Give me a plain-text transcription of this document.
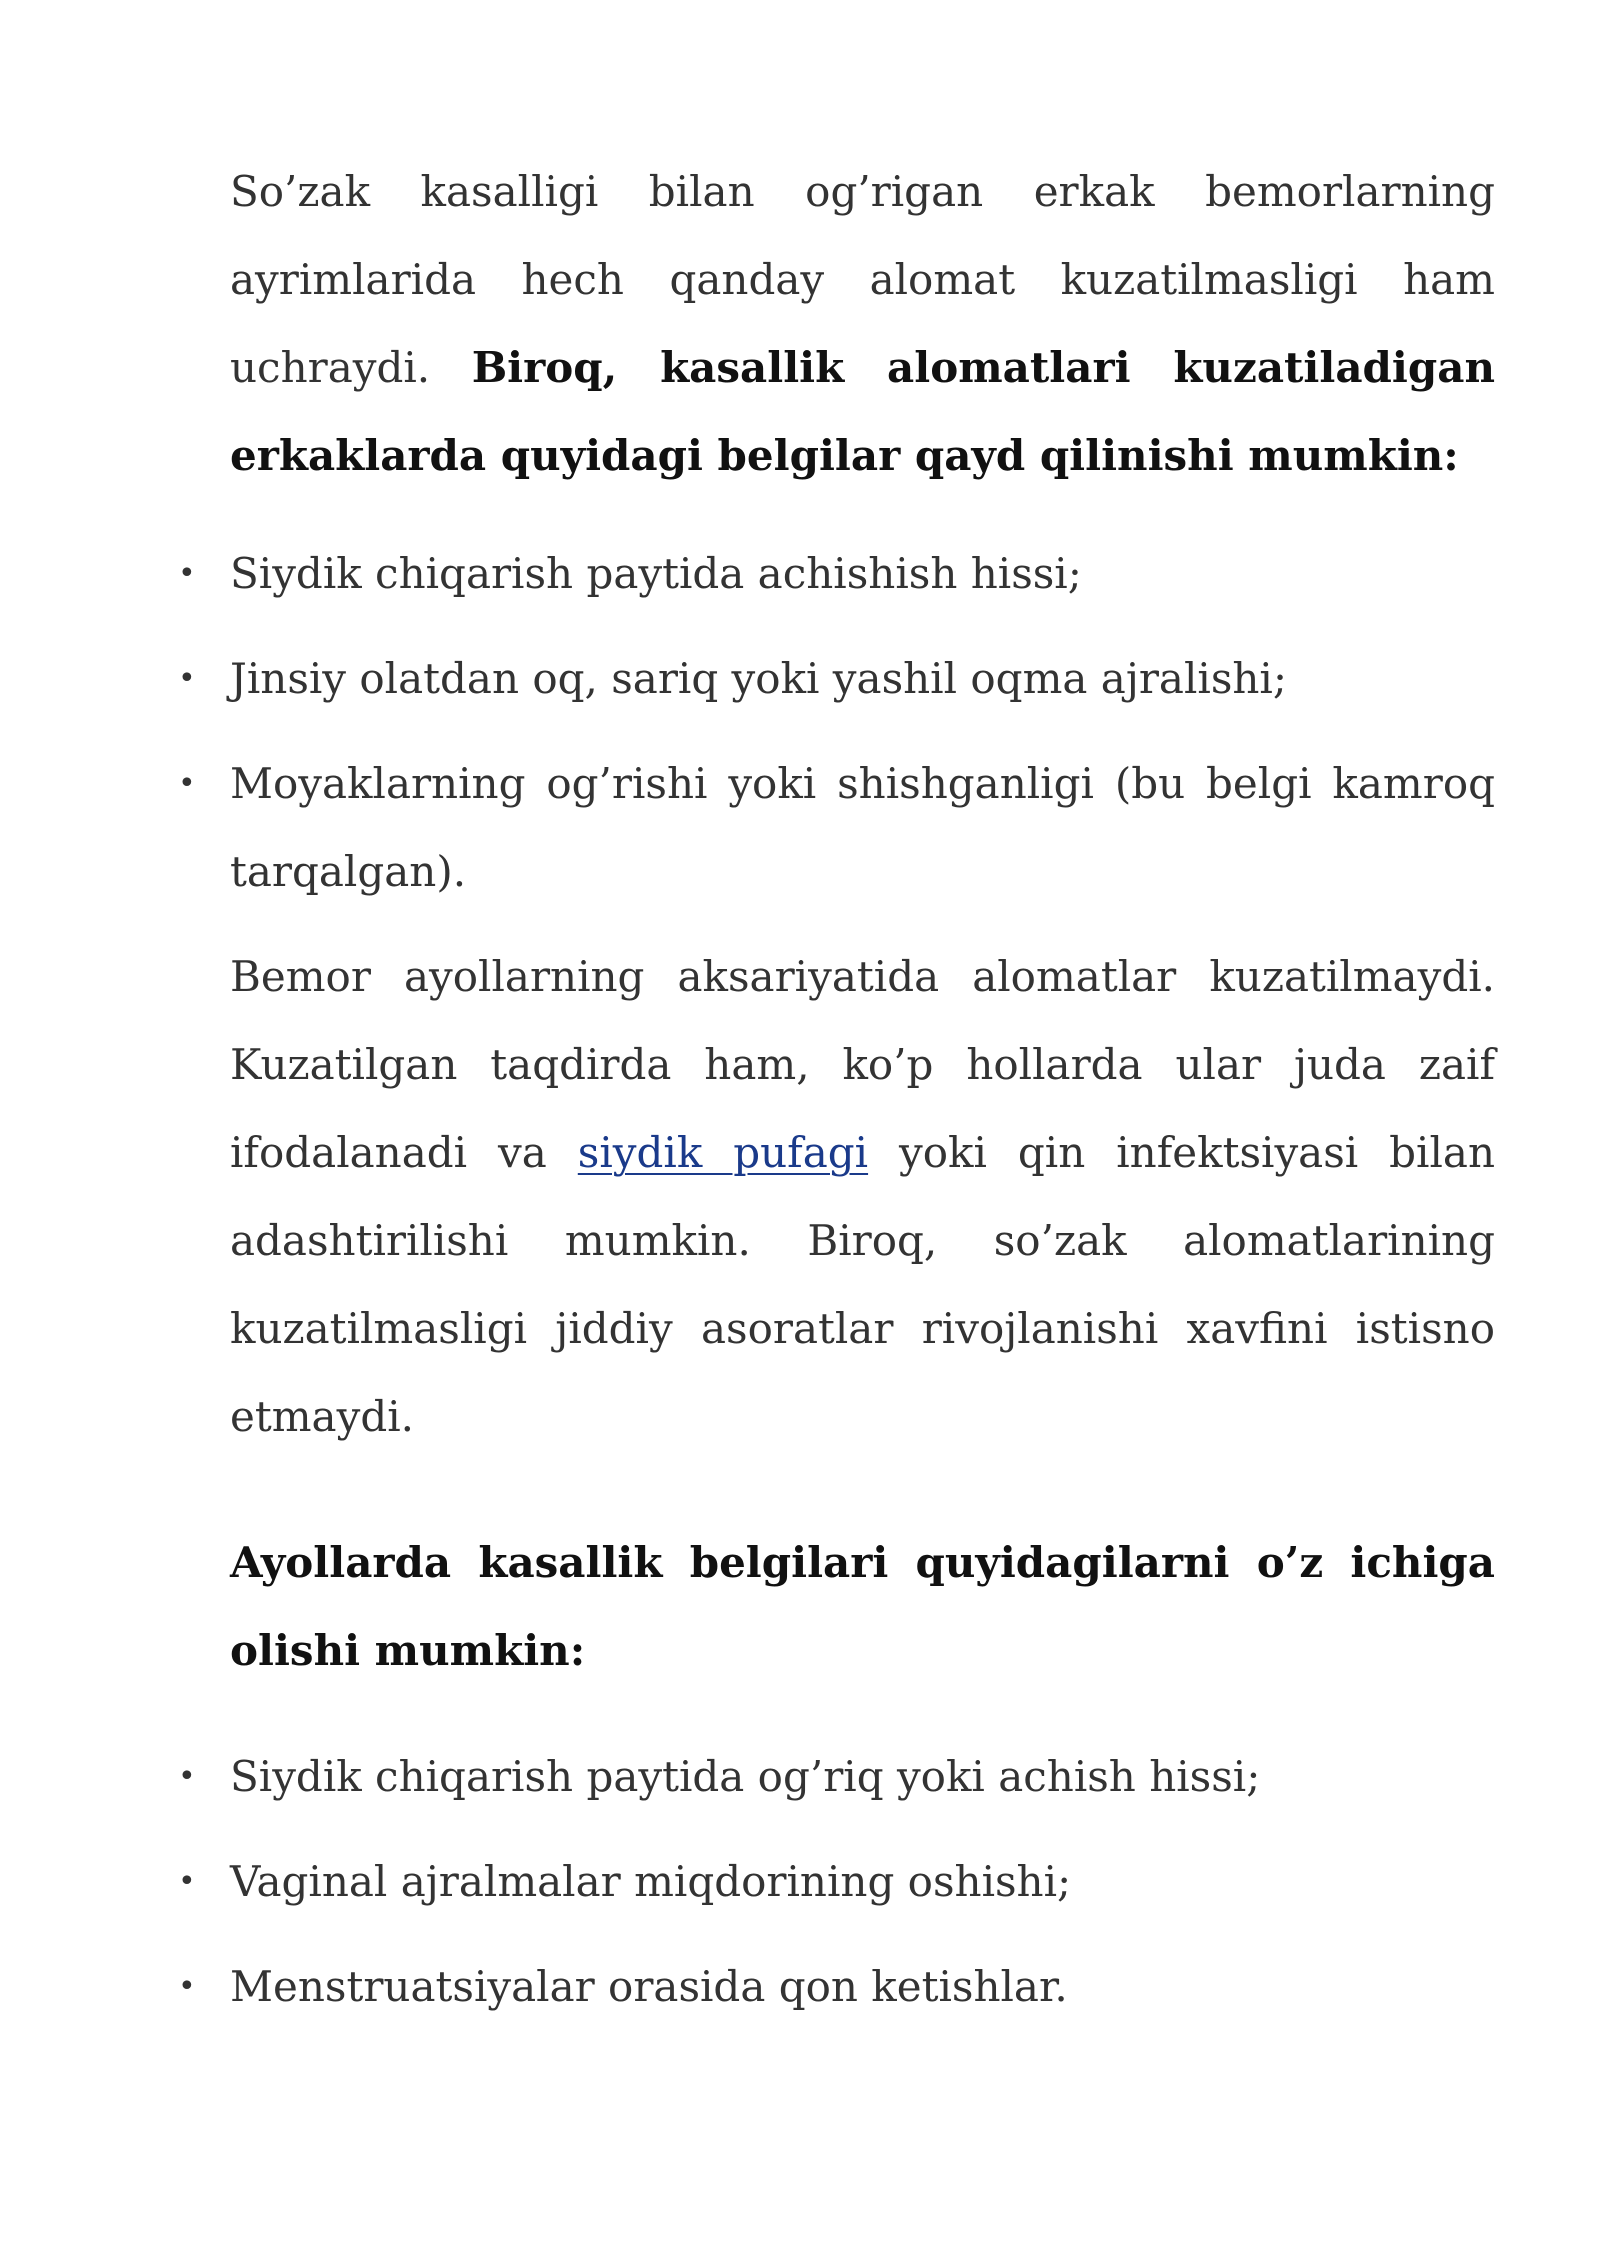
So’zak kasalligi bilan og’rigan erkak bemorlarning ayrimlarida hech qanday alomat kuzatilmasligi ham uchraydi. Biroq, kasallik alomatlari kuzatiladigan erkaklarda quyidagi belgilar qayd qilinishi mumkin:

• Siydik chiqarish paytida achishish hissi;
• Jinsiy olatdan oq, sariq yoki yashil oqma ajralishi;
• Moyaklarning og’rishi yoki shishganligi (bu belgi kamroq tarqalgan).

Bemor ayollarning aksariyatida alomatlar kuzatilmaydi. Kuzatilgan taqdirda ham, ko’p hollarda ular juda zaif ifodalanadi va siydik pufagi yoki qin infektsiyasi bilan adashtirilishi mumkin. Biroq, so’zak alomatlarining kuzatilmasligi jiddiy asoratlar rivojlanishi xavfini istisno etmaydi.

Ayollarda kasallik belgilari quyidagilarni o’z ichiga olishi mumkin:

• Siydik chiqarish paytida og’riq yoki achish hissi;
• Vaginal ajralmalar miqdorining oshishi;
• Menstruatsiyalar orasida qon ketishlar.
